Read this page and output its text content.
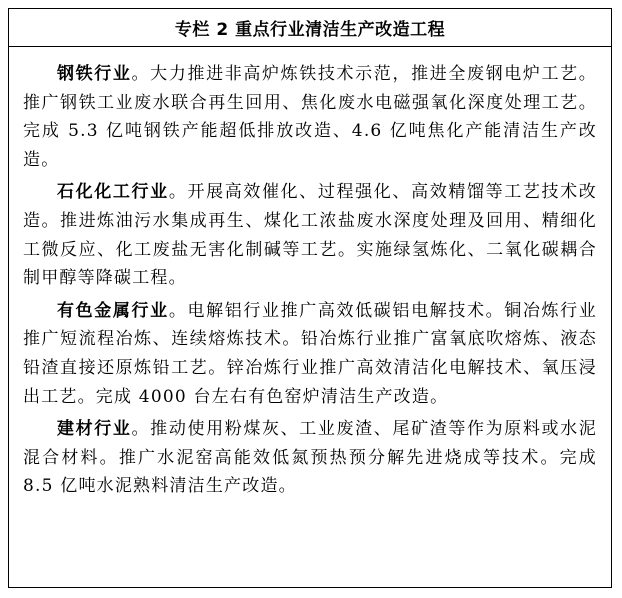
专栏 2 重点行业清洁生产改造工程

钢铁行业。大力推进非高炉炼铁技术示范，推进全废钢电炉工艺。推广钢铁工业废水联合再生回用、焦化废水电磁强氧化深度处理工艺。完成 5.3 亿吨钢铁产能超低排放改造、4.6 亿吨焦化产能清洁生产改造。

石化化工行业。开展高效催化、过程强化、高效精馏等工艺技术改造。推进炼油污水集成再生、煤化工浓盐废水深度处理及回用、精细化工微反应、化工废盐无害化制碱等工艺。实施绿氢炼化、二氧化碳耦合制甲醇等降碳工程。

有色金属行业。电解铝行业推广高效低碳铝电解技术。铜冶炼行业推广短流程冶炼、连续熔炼技术。铅冶炼行业推广富氧底吹熔炼、液态铅渣直接还原炼铅工艺。锌冶炼行业推广高效清洁化电解技术、氧压浸出工艺。完成 4000 台左右有色窑炉清洁生产改造。

建材行业。推动使用粉煤灰、工业废渣、尾矿渣等作为原料或水泥混合材料。推广水泥窑高能效低氮预热预分解先进烧成等技术。完成 8.5 亿吨水泥熟料清洁生产改造。
